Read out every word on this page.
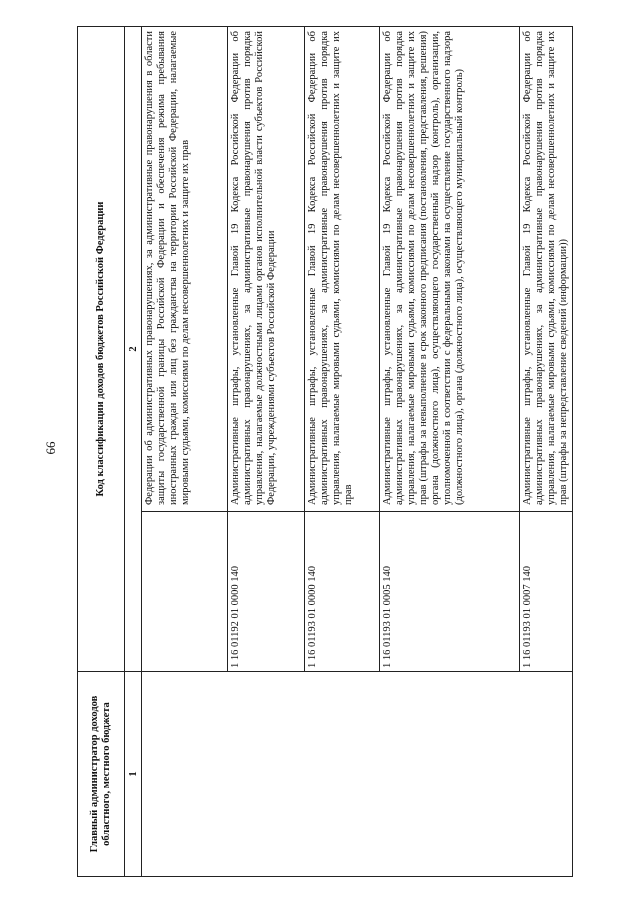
66
Главный администратор доходов областного, местного бюджета	Код классификации доходов бюджетов Российской Федерации	
1	2	
		Федерации об административных правонарушениях, за административные правонарушения в области защиты государственной границы Российской Федерации и обеспечения режима пребывания иностранных граждан или лиц без гражданства на территории Российской Федерации, налагаемые мировыми судьями, комиссиями по делам несовершеннолетних и защите их прав
	1 16 01192 01 0000 140	Административные штрафы, установленные Главой 19 Кодекса Российской Федерации об административных правонарушениях, за административные правонарушения против порядка управления, налагаемые должностными лицами органов исполнительной власти субъектов Российской Федерации, учреждениями субъектов Российской Федерации
	1 16 01193 01 0000 140	Административные штрафы, установленные Главой 19 Кодекса Российской Федерации об административных правонарушениях, за административные правонарушения против порядка управления, налагаемые мировыми судьями, комиссиями по делам несовершеннолетних и защите их прав
	1 16 01193 01 0005 140	Административные штрафы, установленные Главой 19 Кодекса Российской Федерации об административных правонарушениях, за административные правонарушения против порядка управления, налагаемые мировыми судьями, комиссиями по делам несовершеннолетних и защите их прав (штрафы за невыполнение в срок законного предписания (постановления, представления, решения) органа (должностного лица), осуществляющего государственный надзор (контроль), организации, уполномоченной в соответствии с федеральными законами на осуществление государственного надзора (должностного лица), органа (должностного лица), осуществляющего муниципальный контроль)
	1 16 01193 01 0007 140	Административные штрафы, установленные Главой 19 Кодекса Российской Федерации об административных правонарушениях, за административные правонарушения против порядка управления, налагаемые мировыми судьями, комиссиями по делам несовершеннолетних и защите их прав (штрафы за непредставление сведений (информации))
